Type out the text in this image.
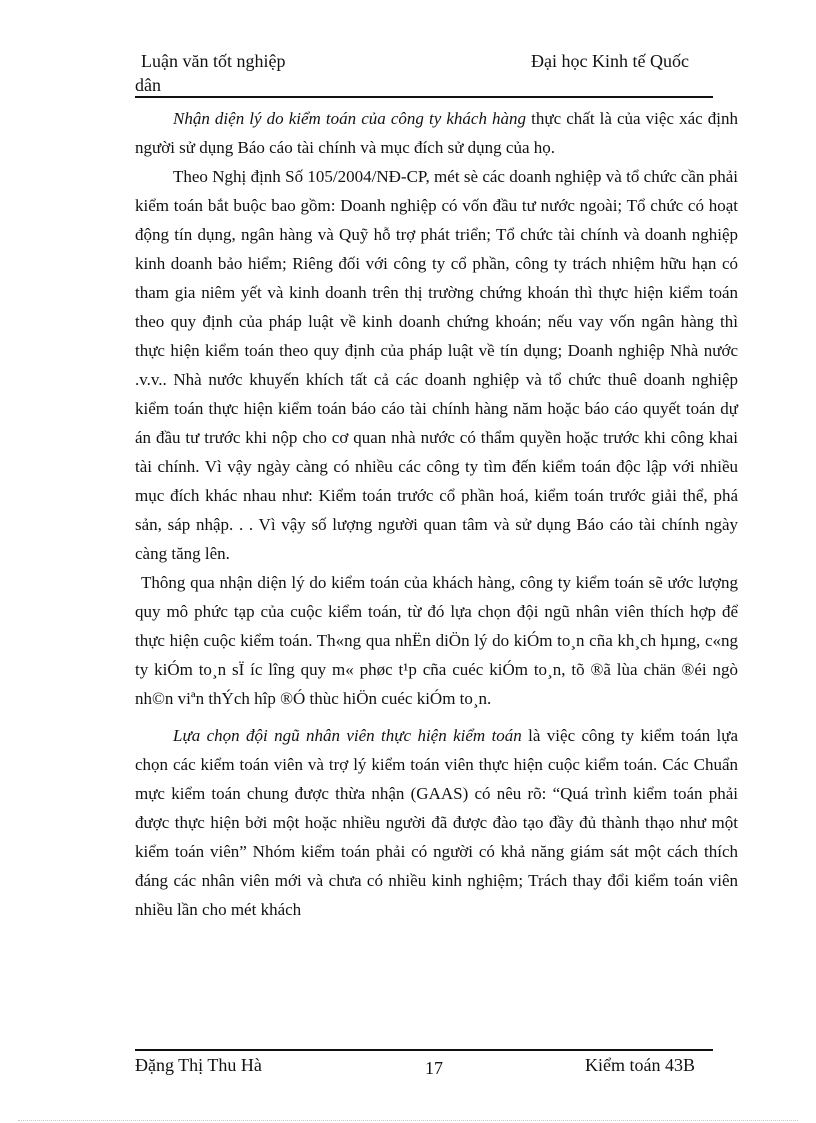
Luận văn tốt nghiệp	Đại học Kinh tế Quốc
dân

Nhận diện lý do kiểm toán của công ty khách hàng thực chất là của việc xác định người sử dụng Báo cáo tài chính và mục đích sử dụng của họ.

Theo Nghị định Số 105/2004/NĐ-CP, mét sè các doanh nghiệp và tổ chức cần phải kiểm toán bắt buộc bao gồm: Doanh nghiệp có vốn đầu tư nước ngoài; Tổ chức có hoạt động tín dụng, ngân hàng và Quỹ hỗ trợ phát triển; Tổ chức tài chính và doanh nghiệp kinh doanh bảo hiểm; Riêng đối với công ty cổ phần, công ty trách nhiệm hữu hạn có tham gia niêm yết và kinh doanh trên thị trường chứng khoán thì thực hiện kiểm toán theo quy định của pháp luật về kinh doanh chứng khoán; nếu vay vốn ngân hàng thì thực hiện kiểm toán theo quy định của pháp luật về tín dụng; Doanh nghiệp Nhà nước .v.v.. Nhà nước khuyến khích tất cả các doanh nghiệp và tổ chức thuê doanh nghiệp kiểm toán thực hiện kiểm toán báo cáo tài chính hàng năm hoặc báo cáo quyết toán dự án đầu tư trước khi nộp cho cơ quan nhà nước có thẩm quyền hoặc trước khi công khai tài chính. Vì vậy ngày càng có nhiều các công ty tìm đến kiểm toán độc lập với nhiều mục đích khác nhau như: Kiểm toán trước cổ phần hoá, kiểm toán trước giải thể, phá sản, sáp nhập. . . Vì vậy số lượng người quan tâm và sử dụng Báo cáo tài chính ngày càng tăng lên.

Thông qua nhận diện lý do kiểm toán của khách hàng, công ty kiểm toán sẽ ước lượng quy mô phức tạp của cuộc kiểm toán, từ đó lựa chọn đội ngũ nhân viên thích hợp để thực hiện cuộc kiểm toán. Th«ng qua nhËn diÖn lý do kiÓm to¸n cña kh¸ch hµng, c«ng ty kiÓm to¸n sÏ íc lîng quy m« phøc t¹p cña cuéc kiÓm to¸n, tõ ®ã lùa chän ®éi ngò nh©n viªn thÝch hîp ®Ó thùc hiÖn cuéc kiÓm to¸n.

Lựa chọn đội ngũ nhân viên thực hiện kiểm toán là việc công ty kiểm toán lựa chọn các kiểm toán viên và trợ lý kiểm toán viên thực hiện cuộc kiểm toán. Các Chuẩn mực kiểm toán chung được thừa nhận (GAAS) có nêu rõ: “Quá trình kiểm toán phải được thực hiện bởi một hoặc nhiều người đã được đào tạo đầy đủ thành thạo như một kiểm toán viên” Nhóm kiểm toán phải có người có khả năng giám sát một cách thích đáng các nhân viên mới và chưa có nhiều kinh nghiệm; Trách thay đổi kiểm toán viên nhiều lần cho mét khách

Đặng Thị Thu Hà	17	Kiểm toán 43B
